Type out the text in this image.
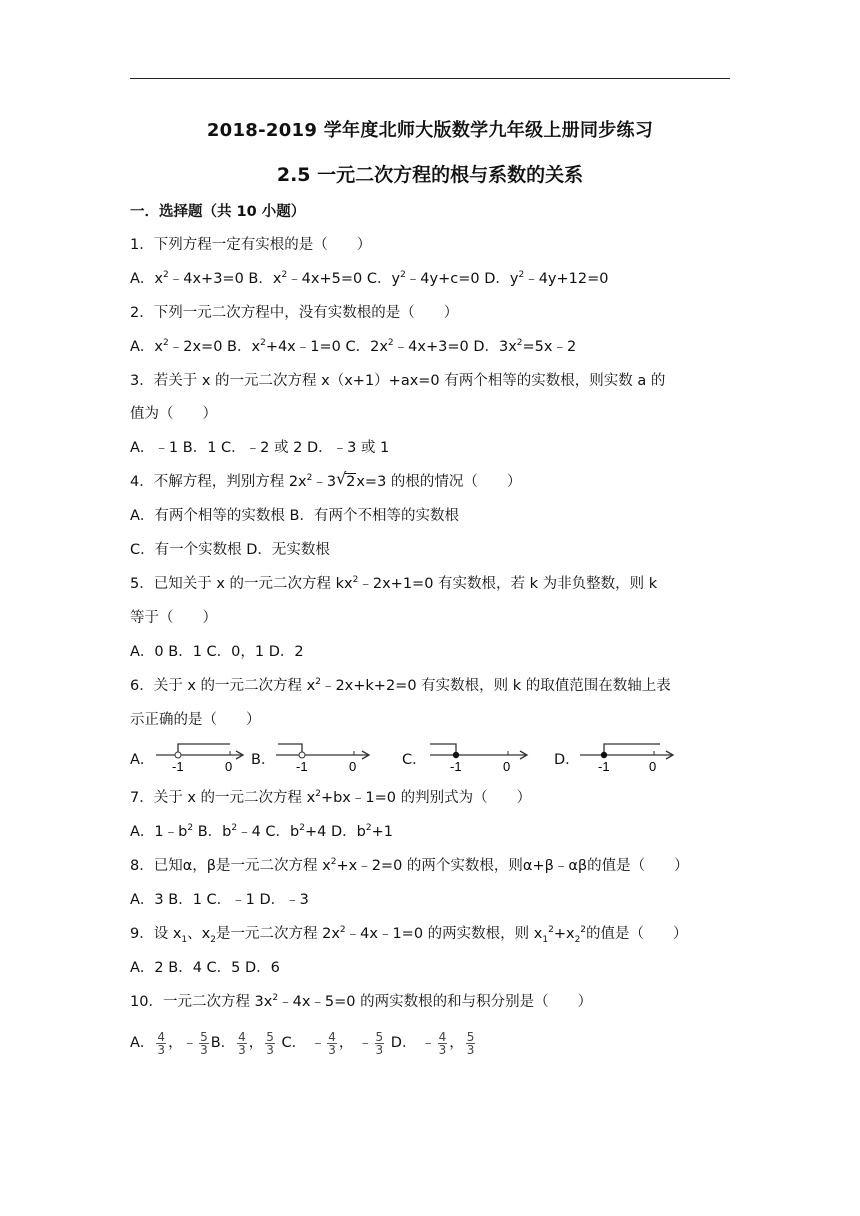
2018-2019 学年度北师大版数学九年级上册同步练习
2.5 一元二次方程的根与系数的关系
一．选择题（共 10 小题）
1．下列方程一定有实根的是（　　）
A．$x^2﹣4x+3=0$ B．$x^2﹣4x+5=0$ C．$y^2﹣4y+c=0$ D．$y^2﹣4y+12=0$
2．下列一元二次方程中，没有实数根的是（　　）
A．$x^2﹣2x=0$ B．$x^2+4x﹣1=0$ C．$2x^2﹣4x+3=0$ D．$3x^2=5x﹣2$
3．若关于 x 的一元二次方程 x（x+1）+ax=0 有两个相等的实数根，则实数 a 的
值为（　　）
A．﹣1 B．1 C．﹣2 或 2 D．﹣3 或 1
4．不解方程，判别方程 $2x^2﹣3$ √ 2x=3 的根的情况（　　）
A．有两个相等的实数根 B．有两个不相等的实数根
C．有一个实数根 D．无实数根
5．已知关于 x 的一元二次方程 $kx^2﹣2x+1=0$ 有实数根，若 k 为非负整数，则 k
等于（　　）
A．0 B．1 C．0，1 D．2
6．关于 x 的一元二次方程 $x^2﹣2x+k+2=0$ 有实数根，则 k 的取值范围在数轴上表
示正确的是（　　）
A． -1	0 B． -1	0	C． -1	0	D． -1	0
7．关于 x 的一元二次方程 $x^2+bx﹣1=0$ 的判别式为（　　）
A．$1﹣b^2$ B．$b^2﹣4$ C．$b^2+4$ D．$b^2+1$
8．已知α，β是一元二次方程 $x^2+x﹣2=0$ 的两个实数根，则α+β﹣αβ的值是（　　）
A．3 B．1 C．﹣1 D．﹣3
9．设 $x_1$、$x_2$是一元二次方程 $2x^2﹣4x﹣1=0$ 的两实数根，则 $x_1^2+x_2^2$的值是（　　）
A．2 B．4 C．5 D．6
10．一元二次方程 $3x^2﹣4x﹣5=0$ 的两实数根的和与积分别是（　　）
A． $\frac{4}{3}$ ，﹣ $\frac{5}{3}$ B． $\frac{4}{3}$ ， $\frac{5}{3}$ C． ﹣ $\frac{4}{3}$ ， ﹣ $\frac{5}{3}$ D． ﹣ $\frac{4}{3}$ ， $\frac{5}{3}$
